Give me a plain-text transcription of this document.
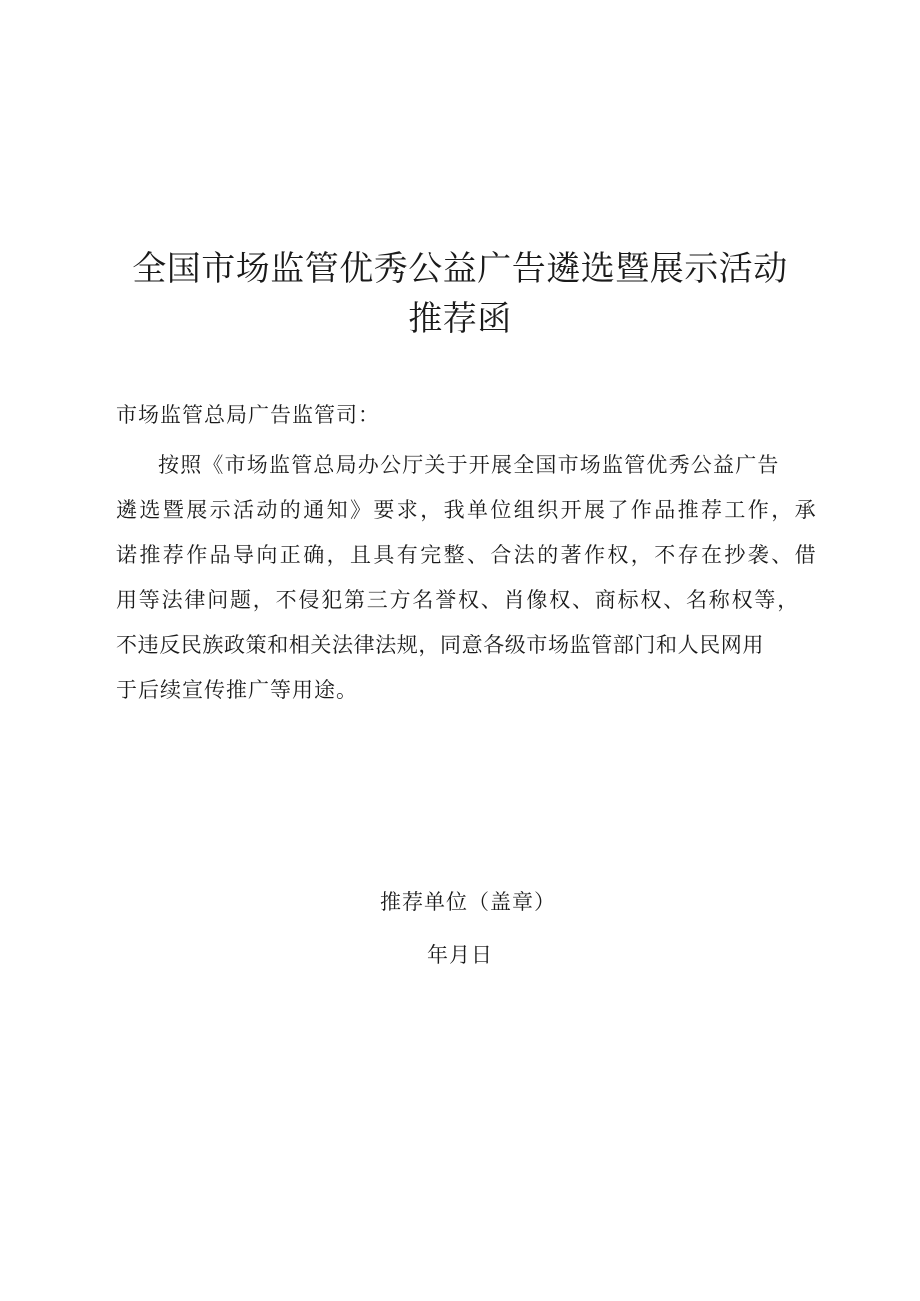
全国市场监管优秀公益广告遴选暨展示活动
推荐函
市场监管总局广告监管司：
按照《市场监管总局办公厅关于开展全国市场监管优秀公益广告
遴选暨展示活动的通知》要求，我单位组织开展了作品推荐工作，承
诺推荐作品导向正确，且具有完整、合法的著作权，不存在抄袭、借
用等法律问题，不侵犯第三方名誉权、肖像权、商标权、名称权等，
不违反民族政策和相关法律法规，同意各级市场监管部门和人民网用
于后续宣传推广等用途。
推荐单位（盖章）
年月日
